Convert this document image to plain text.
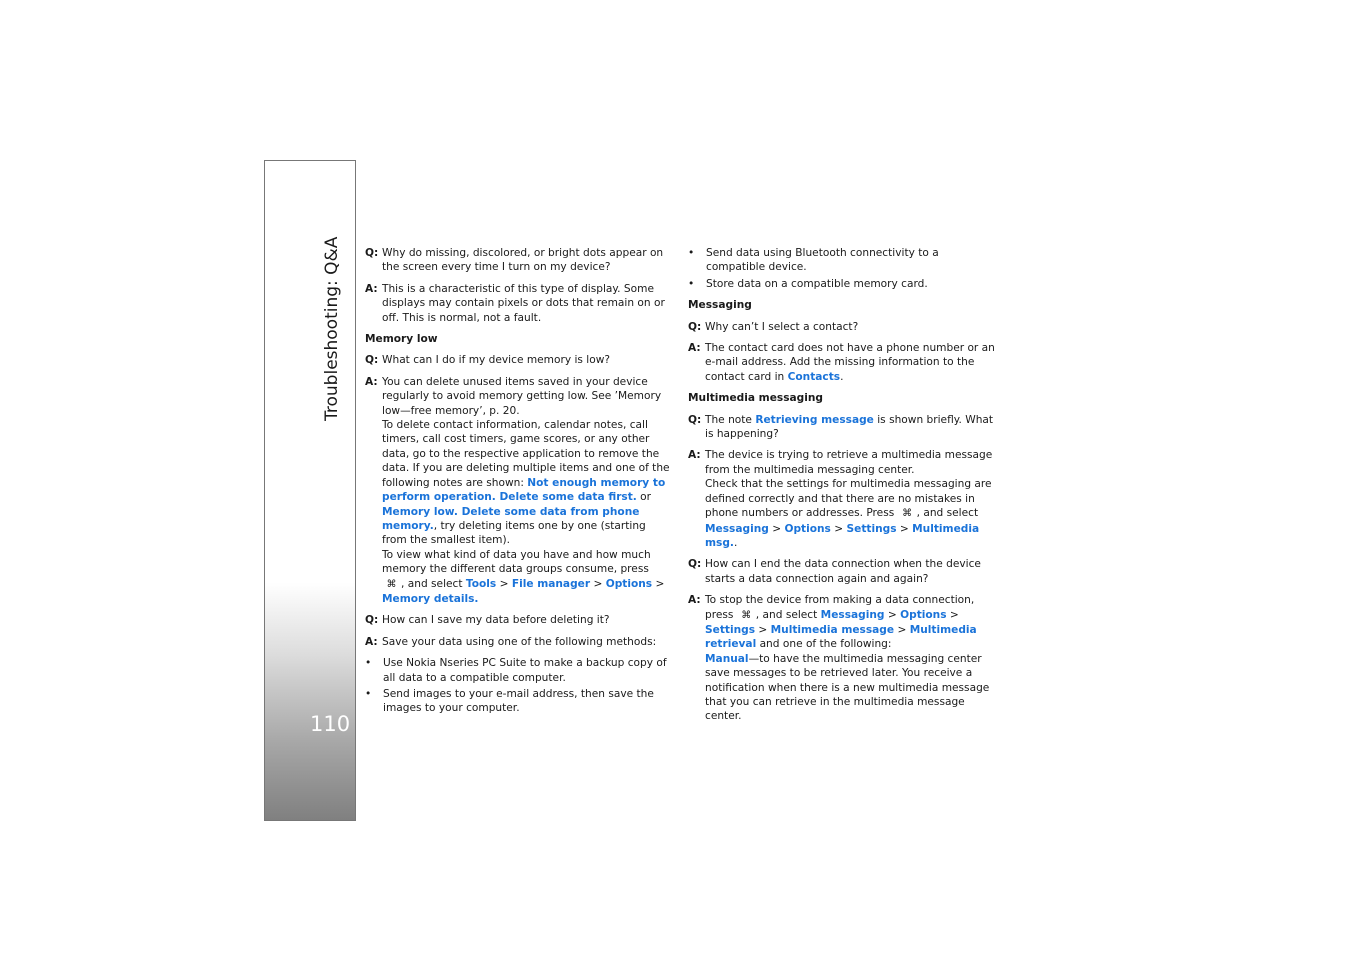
Troubleshooting: Q&A
110
Q: Why do missing, discolored, or bright dots appear on the screen every time I turn on my device?
A: This is a characteristic of this type of display. Some displays may contain pixels or dots that remain on or off. This is normal, not a fault.
Memory low
Q: What can I do if my device memory is low?
A: You can delete unused items saved in your device regularly to avoid memory getting low. See ’Memory low—free memory’, p. 20.
To delete contact information, calendar notes, call timers, call cost timers, game scores, or any other data, go to the respective application to remove the data. If you are deleting multiple items and one of the following notes are shown: Not enough memory to perform operation. Delete some data first. or Memory low. Delete some data from phone memory., try deleting items one by one (starting from the smallest item).
To view what kind of data you have and how much memory the different data groups consume, press ⌘ , and select Tools > File manager > Options > Memory details.
Q: How can I save my data before deleting it?
A: Save your data using one of the following methods:
• Use Nokia Nseries PC Suite to make a backup copy of all data to a compatible computer.
• Send images to your e-mail address, then save the images to your computer.
• Send data using Bluetooth connectivity to a compatible device.
• Store data on a compatible memory card.
Messaging
Q: Why can’t I select a contact?
A: The contact card does not have a phone number or an e-mail address. Add the missing information to the contact card in Contacts.
Multimedia messaging
Q: The note Retrieving message is shown briefly. What is happening?
A: The device is trying to retrieve a multimedia message from the multimedia messaging center.
Check that the settings for multimedia messaging are defined correctly and that there are no mistakes in phone numbers or addresses. Press ⌘ , and select Messaging > Options > Settings > Multimedia msg..
Q: How can I end the data connection when the device starts a data connection again and again?
A: To stop the device from making a data connection, press ⌘ , and select Messaging > Options > Settings > Multimedia message > Multimedia retrieval and one of the following:
Manual—to have the multimedia messaging center save messages to be retrieved later. You receive a notification when there is a new multimedia message that you can retrieve in the multimedia message center.
